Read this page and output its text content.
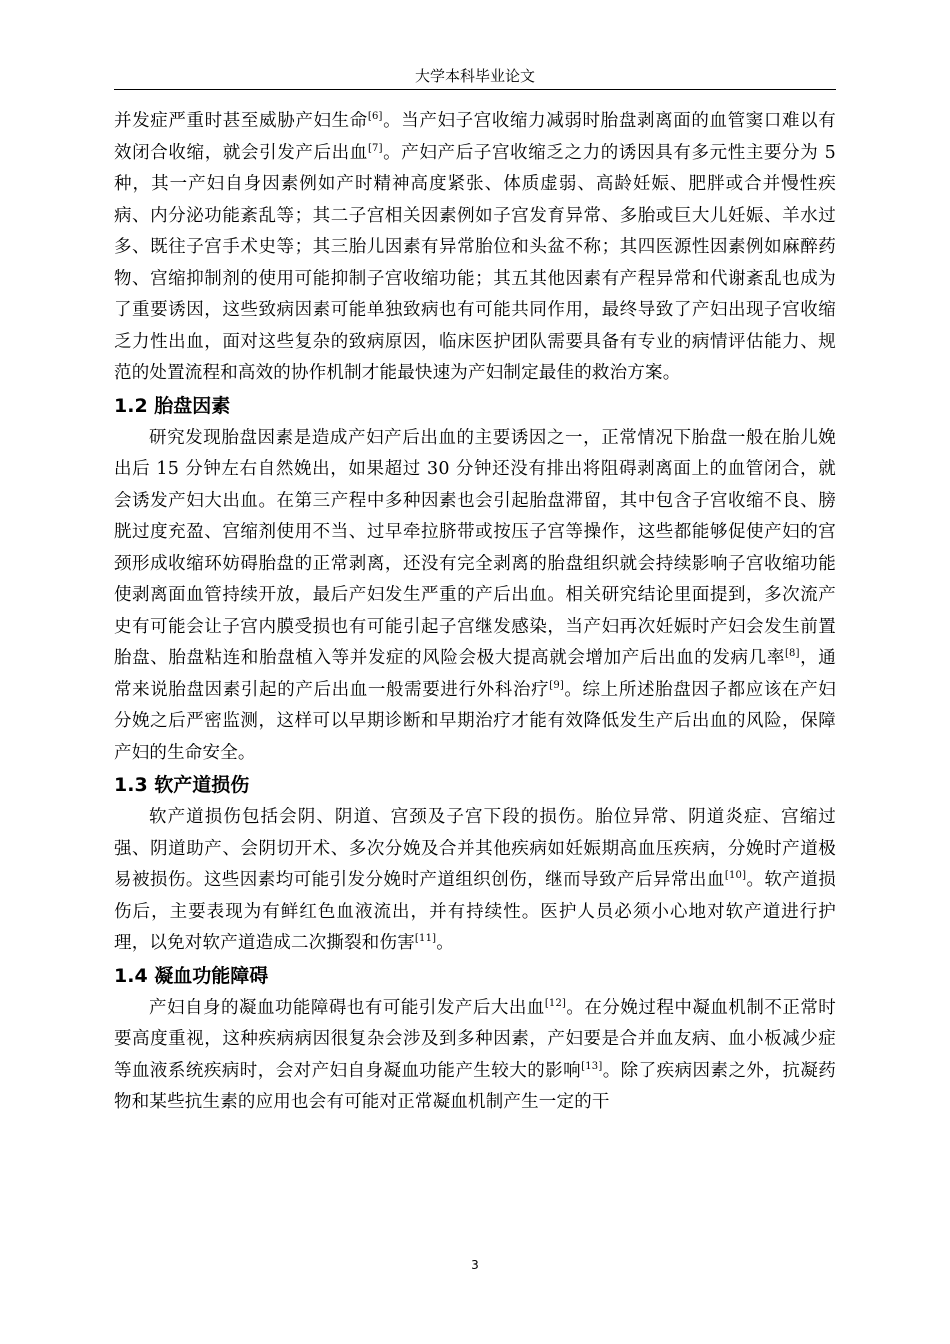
大学本科毕业论文

并发症严重时甚至威胁产妇生命[6]。当产妇子宫收缩力减弱时胎盘剥离面的血管窦口难以有效闭合收缩，就会引发产后出血[7]。产妇产后子宫收缩乏之力的诱因具有多元性主要分为 5 种，其一产妇自身因素例如产时精神高度紧张、体质虚弱、高龄妊娠、肥胖或合并慢性疾病、内分泌功能紊乱等；其二子宫相关因素例如子宫发育异常、多胎或巨大儿妊娠、羊水过多、既往子宫手术史等；其三胎儿因素有异常胎位和头盆不称；其四医源性因素例如麻醉药物、宫缩抑制剂的使用可能抑制子宫收缩功能；其五其他因素有产程异常和代谢紊乱也成为了重要诱因，这些致病因素可能单独致病也有可能共同作用，最终导致了产妇出现子宫收缩乏力性出血，面对这些复杂的致病原因，临床医护团队需要具备有专业的病情评估能力、规范的处置流程和高效的协作机制才能最快速为产妇制定最佳的救治方案。

1.2 胎盘因素

研究发现胎盘因素是造成产妇产后出血的主要诱因之一，正常情况下胎盘一般在胎儿娩出后 15 分钟左右自然娩出，如果超过 30 分钟还没有排出将阻碍剥离面上的血管闭合，就会诱发产妇大出血。在第三产程中多种因素也会引起胎盘滞留，其中包含子宫收缩不良、膀胱过度充盈、宫缩剂使用不当、过早牵拉脐带或按压子宫等操作，这些都能够促使产妇的宫颈形成收缩环妨碍胎盘的正常剥离，还没有完全剥离的胎盘组织就会持续影响子宫收缩功能使剥离面血管持续开放，最后产妇发生严重的产后出血。相关研究结论里面提到，多次流产史有可能会让子宫内膜受损也有可能引起子宫继发感染，当产妇再次妊娠时产妇会发生前置胎盘、胎盘粘连和胎盘植入等并发症的风险会极大提高就会增加产后出血的发病几率[8]，通常来说胎盘因素引起的产后出血一般需要进行外科治疗[9]。综上所述胎盘因子都应该在产妇分娩之后严密监测，这样可以早期诊断和早期治疗才能有效降低发生产后出血的风险，保障产妇的生命安全。

1.3 软产道损伤

软产道损伤包括会阴、阴道、宫颈及子宫下段的损伤。胎位异常、阴道炎症、宫缩过强、阴道助产、会阴切开术、多次分娩及合并其他疾病如妊娠期高血压疾病，分娩时产道极易被损伤。这些因素均可能引发分娩时产道组织创伤，继而导致产后异常出血[10]。软产道损伤后，主要表现为有鲜红色血液流出，并有持续性。医护人员必须小心地对软产道进行护理，以免对软产道造成二次撕裂和伤害[11]。

1.4 凝血功能障碍

产妇自身的凝血功能障碍也有可能引发产后大出血[12]。在分娩过程中凝血机制不正常时要高度重视，这种疾病病因很复杂会涉及到多种因素，产妇要是合并血友病、血小板减少症等血液系统疾病时，会对产妇自身凝血功能产生较大的影响[13]。除了疾病因素之外，抗凝药物和某些抗生素的应用也会有可能对正常凝血机制产生一定的干

3
